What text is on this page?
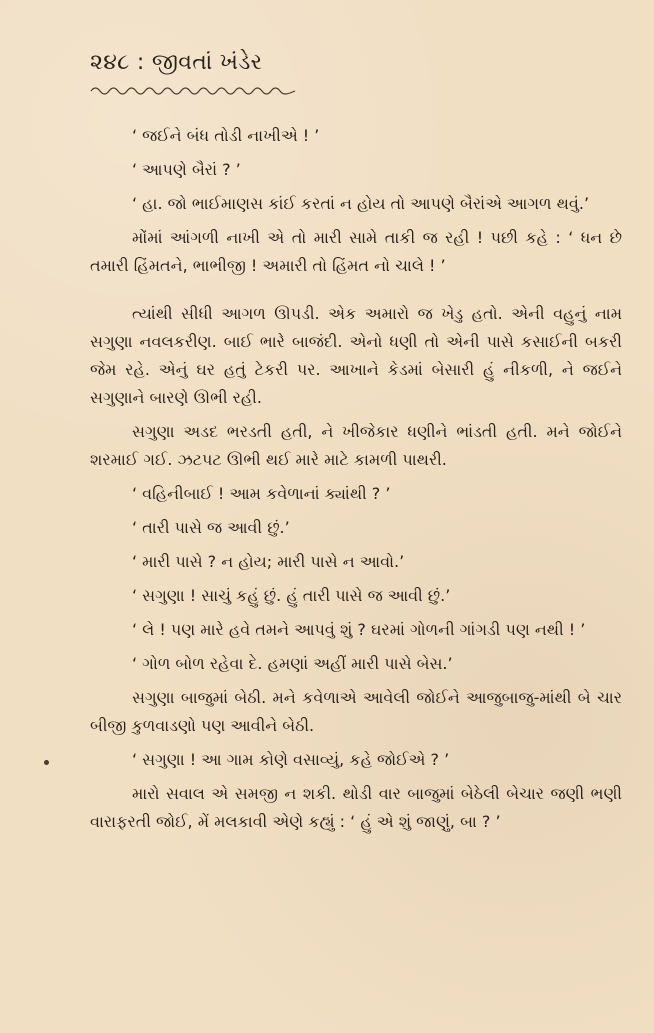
૨૪૮ : જીવતાં ખંડેર

‘ જઈને બંધ તોડી નાખીએ ! ’

‘ આપણે બૈરાં ? ’

‘ હા. જો ભાઈમાણસ કાંઈ કરતાં ન હોય તો આપણે બૈરાંએ આગળ થવું.’

મોંમાં આંગળી નાખી એ તો મારી સામે તાકી જ રહી ! પછી કહે : ‘ ધન છે તમારી હિંમતને, ભાભીજી ! અમારી તો હિંમત નો ચાલે ! ’

ત્યાંથી સીધી આગળ ઊપડી. એક અમારો જ ખેડુ હતો. એની વહુનું નામ સગુણા નવલકરીણ. બાઈ ભારે બાજંદી. એનો ધણી તો એની પાસે કસાઈની બકરી જેમ રહે. એનું ઘર હતું ટેકરી પર. આખાને કેડમાં બેસારી હું નીકળી, ને જઈને સગુણાને બારણે ઊભી રહી.

સગુણા અડદ ભરડતી હતી, ને ખીજેકાર ધણીને ભાંડતી હતી. મને જોઈને શરમાઈ ગઈ. ઝટપટ ઊભી થઈ મારે માટે કામળી પાથરી.

‘ વહિનીબાઈ ! આમ કવેળાનાં ક્યાંથી ? ’

‘ તારી પાસે જ આવી છું.’

‘ મારી પાસે ? ન હોય; મારી પાસે ન આવો.’

‘ સગુણા ! સાચું કહું છું. હું તારી પાસે જ આવી છું.’

‘ લે ! પણ મારે હવે તમને આપવું શું ? ઘરમાં ગોળની ગાંગડી પણ નથી ! ’

‘ ગોળ બોળ રહેવા દે. હમણાં અહીં મારી પાસે બેસ.’

સગુણા બાજુમાં બેઠી. મને કવેળાએ આવેલી જોઈને આજુબાજુ-માંથી બે ચાર બીજી કુળવાડણો પણ આવીને બેઠી.

‘ સગુણા ! આ ગામ કોણે વસાવ્યું, કહે જોઈએ ? ’

મારો સવાલ એ સમજી ન શકી. થોડી વાર બાજુમાં બેઠેલી બેચાર જણી ભણી વારાફરતી જોઈ, મેં મલકાવી એણે કહ્યું : ‘ હું એ શું જાણું, બા ? ’
